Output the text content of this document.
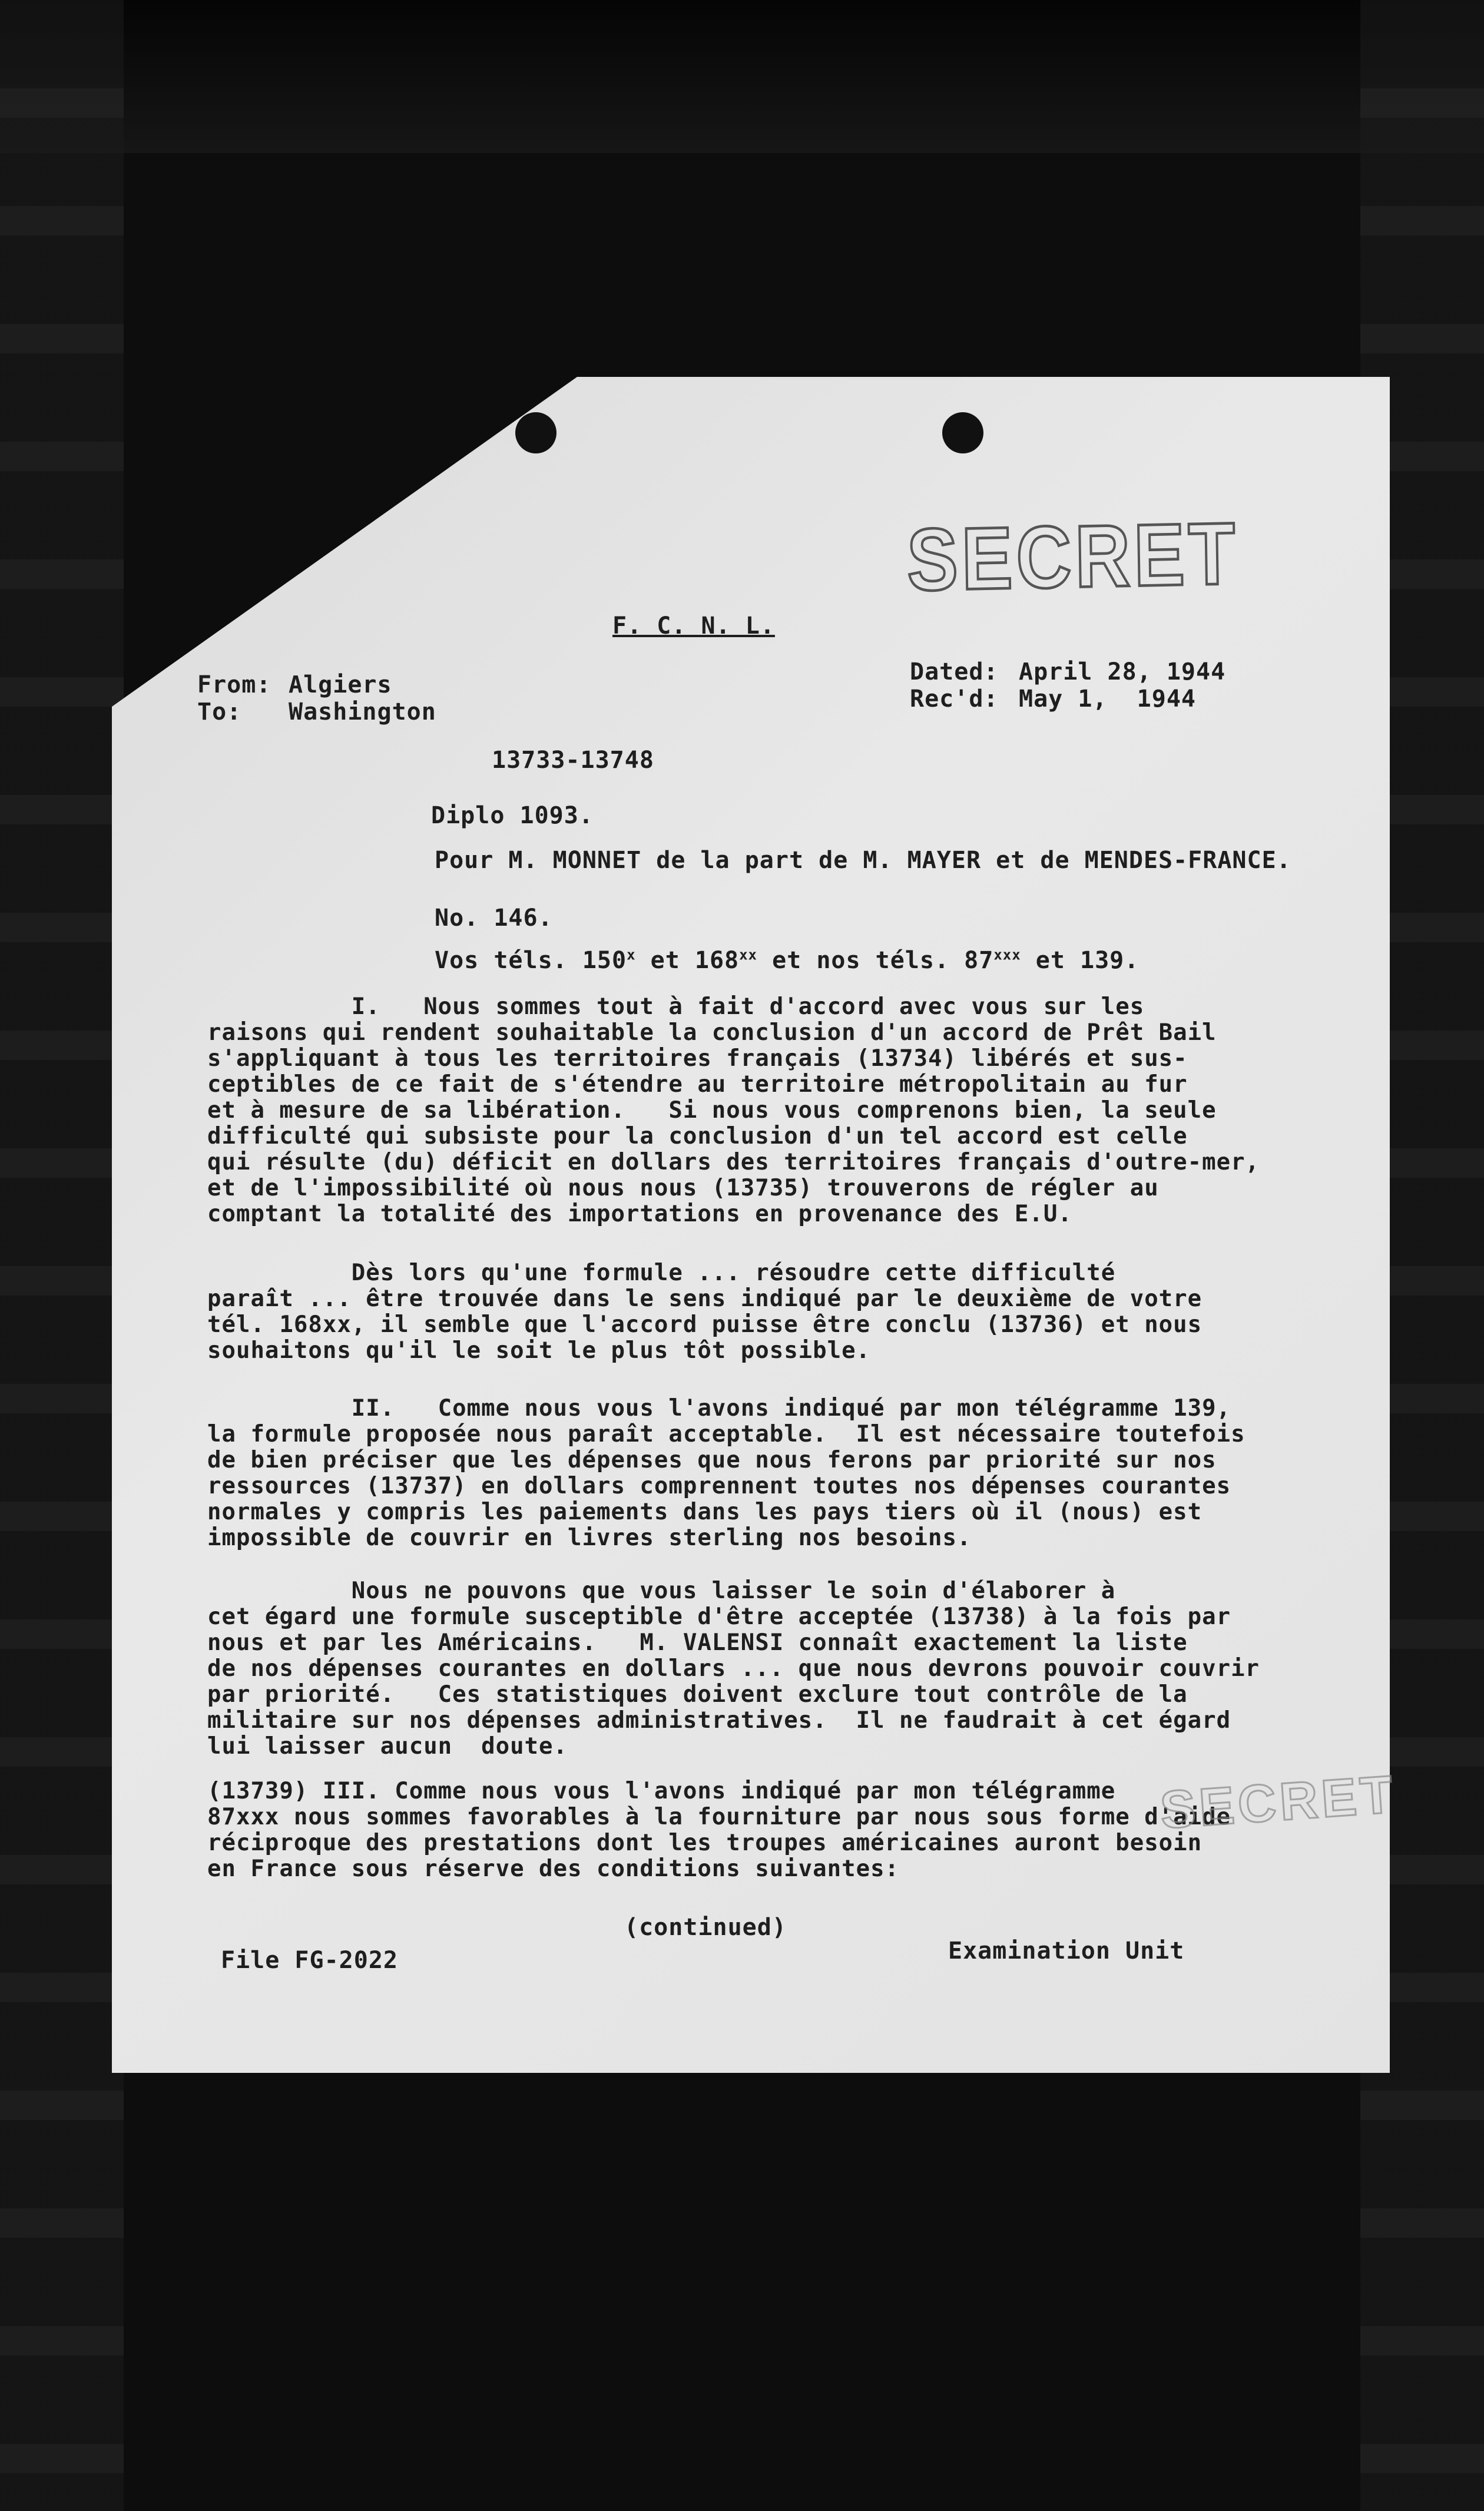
SECRET
F. C. N. L.
From: Algiers
To: Washington
Dated: April 28, 1944
Rec'd: May 1,  1944
13733-13748
Diplo 1093.
Pour M. MONNET de la part de M. MAYER et de MENDES-FRANCE.
No. 146.
Vos téls. 150$^x$ et 168$^{xx}$ et nos téls. 87$^{xxx}$ et 139.
I.   Nous sommes tout à fait d'accord avec vous sur les
raisons qui rendent souhaitable la conclusion d'un accord de Prêt Bail
s'appliquant à tous les territoires français (13734) libérés et sus-
ceptibles de ce fait de s'étendre au territoire métropolitain au fur
et à mesure de sa libération.   Si nous vous comprenons bien, la seule
difficulté qui subsiste pour la conclusion d'un tel accord est celle
qui résulte (du) déficit en dollars des territoires français d'outre-mer,
et de l'impossibilité où nous nous (13735) trouverons de régler au
comptant la totalité des importations en provenance des E.U.
Dès lors qu'une formule ... résoudre cette difficulté
paraît ... être trouvée dans le sens indiqué par le deuxième de votre
tél. 168xx, il semble que l'accord puisse être conclu (13736) et nous
souhaitons qu'il le soit le plus tôt possible.
II.   Comme nous vous l'avons indiqué par mon télégramme 139,
la formule proposée nous paraît acceptable.  Il est nécessaire toutefois
de bien préciser que les dépenses que nous ferons par priorité sur nos
ressources (13737) en dollars comprennent toutes nos dépenses courantes
normales y compris les paiements dans les pays tiers où il (nous) est
impossible de couvrir en livres sterling nos besoins.
Nous ne pouvons que vous laisser le soin d'élaborer à
cet égard une formule susceptible d'être acceptée (13738) à la fois par
nous et par les Américains.   M. VALENSI connaît exactement la liste
de nos dépenses courantes en dollars ... que nous devrons pouvoir couvrir
par priorité.   Ces statistiques doivent exclure tout contrôle de la
militaire sur nos dépenses administratives.  Il ne faudrait à cet égard
lui laisser aucun  doute.
(13739) III. Comme nous vous l'avons indiqué par mon télégramme
87xxx nous sommes favorables à la fourniture par nous sous forme d'aide
réciproque des prestations dont les troupes américaines auront besoin
en France sous réserve des conditions suivantes:
SECRET
(continued)
File FG-2022	Examination Unit
